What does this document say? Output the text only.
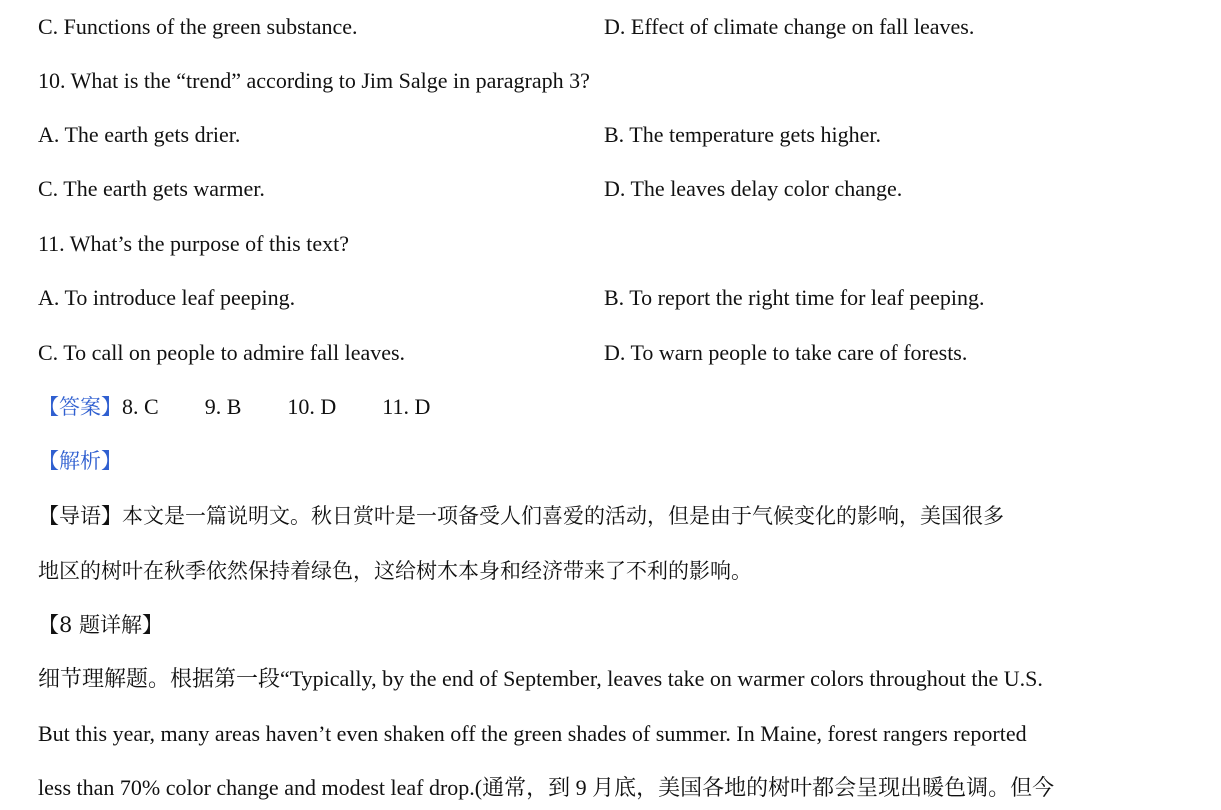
C. Functions of the green substance.	D. Effect of climate change on fall leaves.
10. What is the “trend” according to Jim Salge in paragraph 3?
A. The earth gets drier.	B. The temperature gets higher.
C. The earth gets warmer.	D. The leaves delay color change.
11. What’s the purpose of this text?
A. To introduce leaf peeping.	B. To report the right time for leaf peeping.
C. To call on people to admire fall leaves.	D. To warn people to take care of forests.
【答案】8. C 9. B 10. D 11. D
【解析】
【导语】本文是一篇说明文。秋日赏叶是一项备受人们喜爱的活动，但是由于气候变化的影响，美国很多
地区的树叶在秋季依然保持着绿色，这给树木本身和经济带来了不利的影响。
【8 题详解】
细节理解题。根据第一段“Typically, by the end of September, leaves take on warmer colors throughout the U.S.
But this year, many areas haven’t even shaken off the green shades of summer. In Maine, forest rangers reported
less than 70% color change and modest leaf drop.(通常，到 9 月底，美国各地的树叶都会呈现出暖色调。但今
